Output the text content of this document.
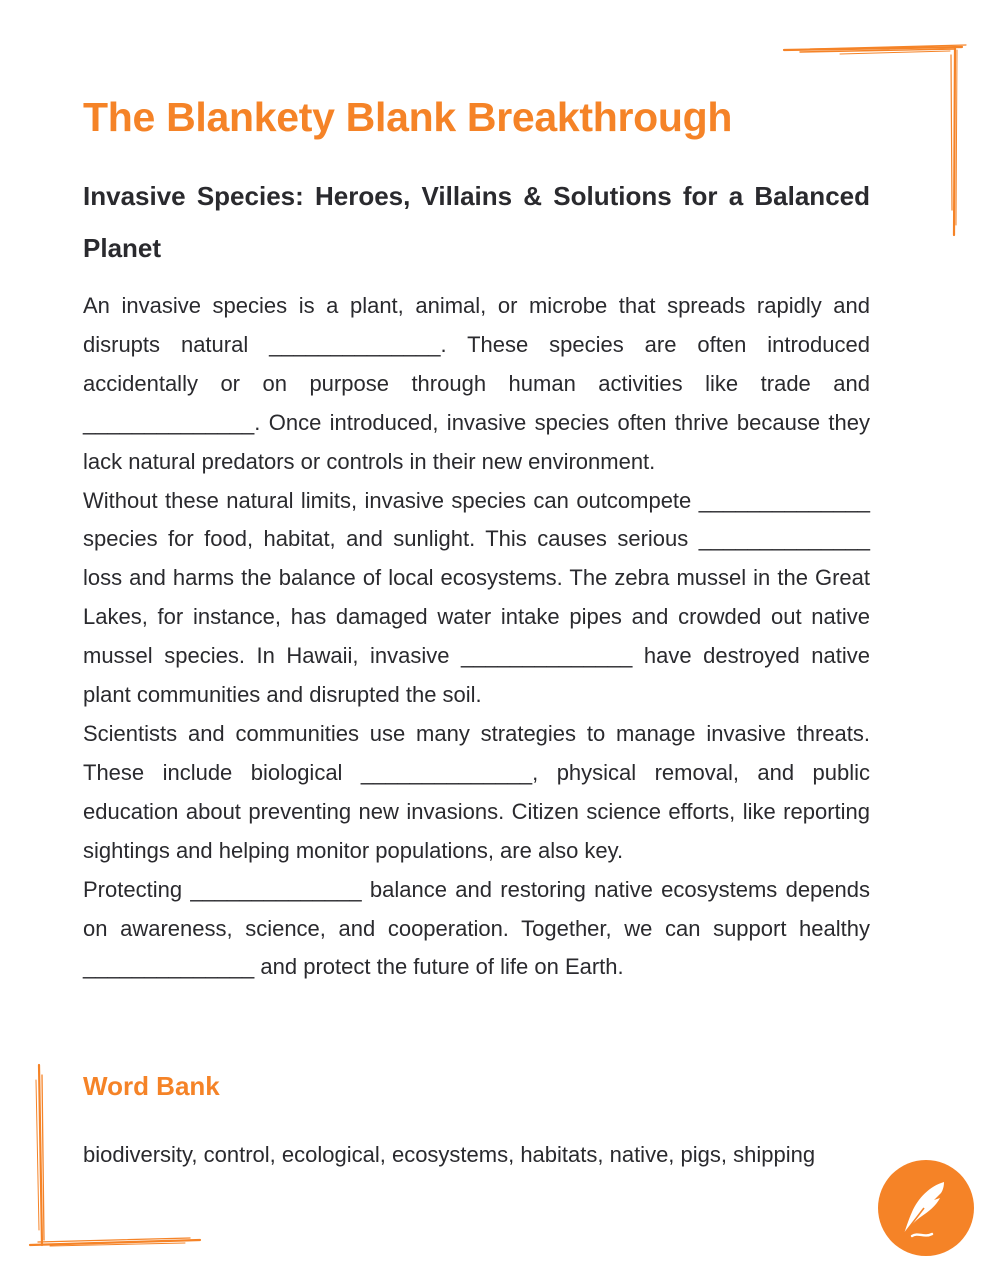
The Blankety Blank Breakthrough
Invasive Species: Heroes, Villains & Solutions for a Balanced Planet

An invasive species is a plant, animal, or microbe that spreads rapidly and disrupts natural ______________. These species are often introduced accidentally or on purpose through human activities like trade and ______________. Once introduced, invasive species often thrive because they lack natural predators or controls in their new environment.

Without these natural limits, invasive species can outcompete ______________ species for food, habitat, and sunlight. This causes serious ______________ loss and harms the balance of local ecosystems. The zebra mussel in the Great Lakes, for instance, has damaged water intake pipes and crowded out native mussel species. In Hawaii, invasive ______________ have destroyed native plant communities and disrupted the soil.

Scientists and communities use many strategies to manage invasive threats. These include biological ______________, physical removal, and public education about preventing new invasions. Citizen science efforts, like reporting sightings and helping monitor populations, are also key.

Protecting ______________ balance and restoring native ecosystems depends on awareness, science, and cooperation. Together, we can support healthy ______________ and protect the future of life on Earth.

Word Bank

biodiversity, control, ecological, ecosystems, habitats, native, pigs, shipping
